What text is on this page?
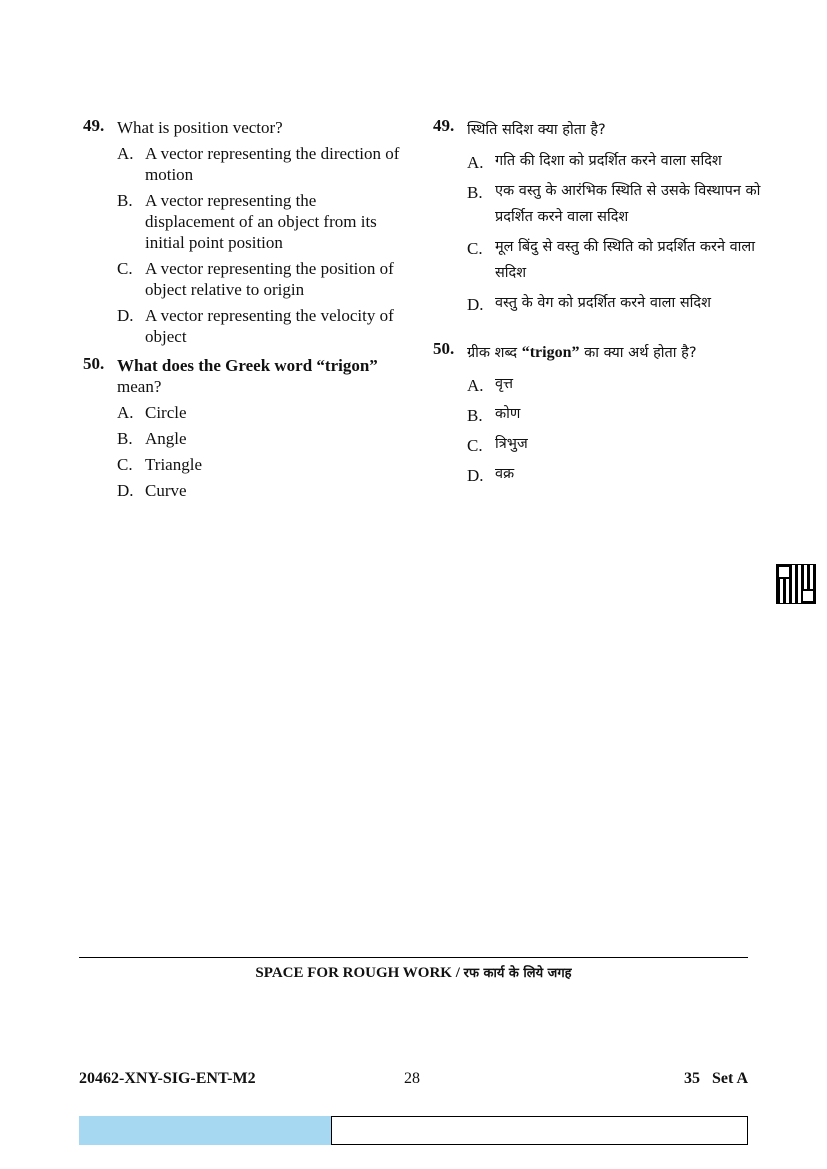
49. What is position vector?

A. A vector representing the direction of motion
B. A vector representing the displacement of an object from its initial point position
C. A vector representing the position of object relative to origin
D. A vector representing the velocity of object
50. What does the Greek word “trigon”
mean?

A. Circle
B. Angle
C. Triangle
D. Curve
49. स्थिति सदिश क्या होता है?

A. गति की दिशा को प्रदर्शित करने वाला सदिश
B. एक वस्तु के आरंभिक स्थिति से उसके विस्थापन को प्रदर्शित करने वाला सदिश
C. मूल बिंदु से वस्तु की स्थिति को प्रदर्शित करने वाला सदिश
D. वस्तु के वेग को प्रदर्शित करने वाला सदिश
50. ग्रीक शब्द “trigon” का क्या अर्थ होता है?

A. वृत्त
B. कोण
C. त्रिभुज
D. वक्र
SPACE FOR ROUGH WORK / रफ कार्य के लिये जगह
20462-XNY-SIG-ENT-M2	28	35   Set A
